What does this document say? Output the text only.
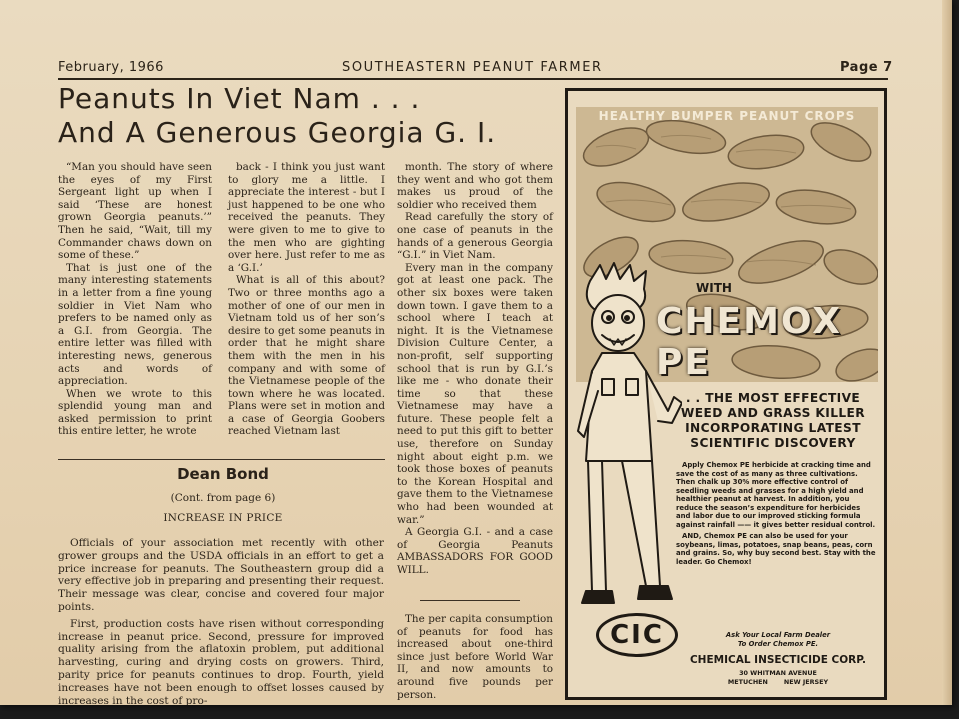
February, 1966	SOUTHEASTERN PEANUT FARMER	Page 7
Peanuts In Viet Nam . . .
And A Generous Georgia G. I.

“Man you should have seen the eyes of my First Sergeant light up when I said ‘These are honest grown Georgia peanuts.’” Then he said, “Wait, till my Commander chaws down on some of these.”

That is just one of the many interesting statements in a letter from a fine young soldier in Viet Nam who prefers to be named only as a G.I. from Georgia. The entire letter was filled with interesting news, generous acts and words of appreciation.

When we wrote to this splendid young man and asked permission to print this entire letter, he wrote

back - I think you just want to glory me a little. I appreciate the interest - but I just happened to be one who received the peanuts. They were given to me to give to the men who are gighting over here. Just refer to me as a ‘G.I.’

What is all of this about? Two or three months ago a mother of one of our men in Vietnam told us of her son’s desire to get some peanuts in order that he might share them with the men in his company and with some of the Vietnamese people of the town where he was located. Plans were set in motion and a case of Georgia Goobers reached Vietnam last

month. The story of where they went and who got them makes us proud of the soldier who received them

Read carefully the story of one case of peanuts in the hands of a generous Georgia “G.I.” in Viet Nam.

Every man in the company got at least one pack. The other six boxes were taken down town. I gave them to a school where I teach at night. It is the Vietnamese Division Culture Center, a non-profit, self supporting school that is run by G.I.’s like me - who donate their time so that these Vietnamese may have a future. These people felt a need to put this gift to better use, therefore on Sunday night about eight p.m. we took those boxes of peanuts to the Korean Hospital and gave them to the Vietnamese who had been wounded at war.”

A Georgia G.I. - and a case of Georgia Peanuts AMBASSADORS FOR GOOD WILL.

The per capita consumption of peanuts for food has increased about one-third since just before World War II, and now amounts to around five pounds per person.

Dean Bond
(Cont. from page 6)
INCREASE IN PRICE

Officials of your association met recently with other grower groups and the USDA officials in an effort to get a price increase for peanuts. The Southeastern group did a very effective job in preparing and presenting their request. Their message was clear, concise and covered four major points.

First, production costs have risen without corresponding increase in peanut price. Second, pressure for improved quality arising from the aflatoxin problem, put additional harvesting, curing and drying costs on growers. Third, parity price for peanuts continues to drop. Fourth, yield increases have not been enough to offset losses caused by increases in the cost of pro-

HEALTHY BUMPER PEANUT CROPS
WITH
CHEMOX PE
. . THE MOST EFFECTIVE
WEED AND GRASS KILLER
INCORPORATING LATEST
SCIENTIFIC DISCOVERY

Apply Chemox PE herbicide at cracking time and save the cost of as many as three cultivations. Then chalk up 30% more effective control of seedling weeds and grasses for a high yield and healthier peanut at harvest. In addition, you reduce the season’s expenditure for herbicides and labor due to our improved sticking formula against rainfall —— it gives better residual control.

AND, Chemox PE can also be used for your soybeans, limas, potatoes, snap beans, peas, corn and grains. So, why buy second best. Stay with the leader. Go Chemox!

CIC	Ask Your Local Farm Dealer
To Order Chemox PE.
CHEMICAL INSECTICIDE CORP.
30 WHITMAN AVENUE
METUCHEN	NEW JERSEY
